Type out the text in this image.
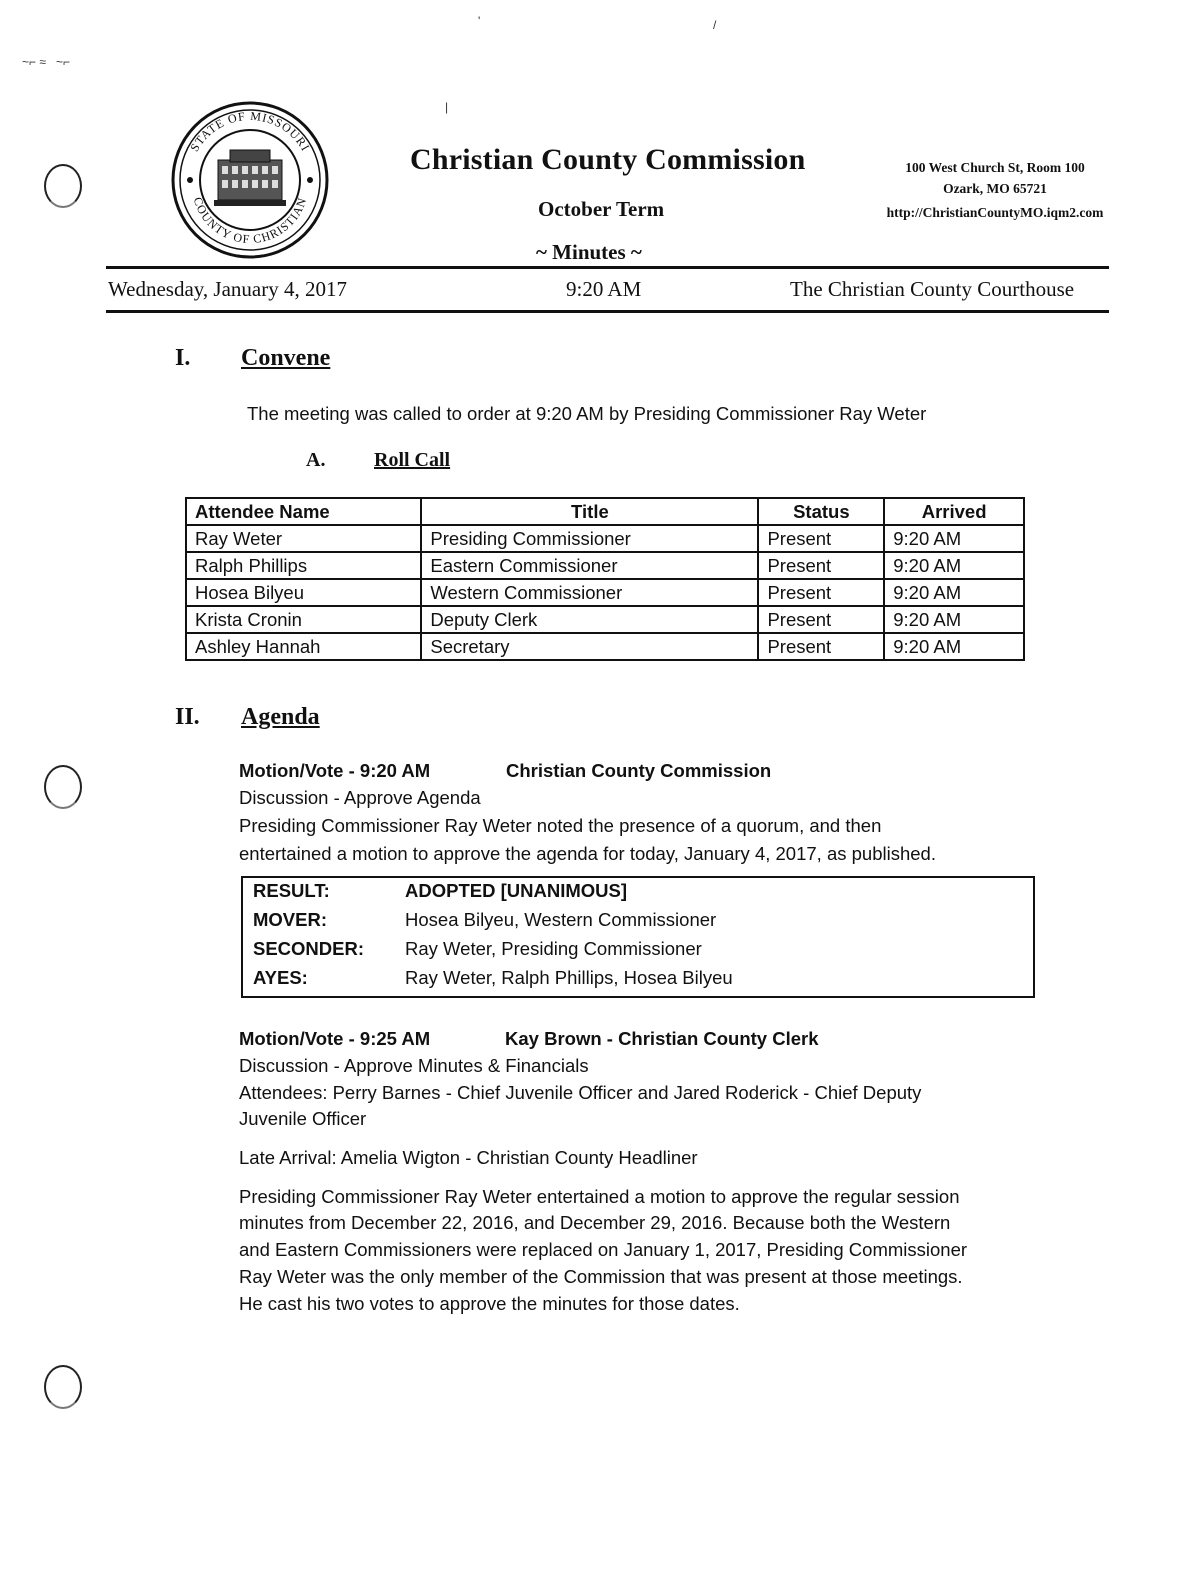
~⌐ ≈   ~⌐
'	/
|
STATE OF MISSOURI
COUNTY OF CHRISTIAN
Christian County Commission
October Term
~ Minutes ~
100 West Church St, Room 100
Ozark, MO 65721
http://ChristianCountyMO.iqm2.com
Wednesday, January 4, 2017	9:20 AM	The Christian County Courthouse
I. Convene
The meeting was called to order at 9:20 AM by Presiding Commissioner Ray Weter
A. Roll Call
Attendee Name	Title	Status	Arrived
Ray Weter	Presiding Commissioner	Present	9:20 AM
Ralph Phillips	Eastern Commissioner	Present	9:20 AM
Hosea Bilyeu	Western Commissioner	Present	9:20 AM
Krista Cronin	Deputy Clerk	Present	9:20 AM
Ashley Hannah	Secretary	Present	9:20 AM
II. Agenda
Motion/Vote - 9:20 AM	Christian County Commission
Discussion - Approve Agenda
Presiding Commissioner Ray Weter noted the presence of a quorum, and then
entertained a motion to approve the agenda for today, January 4, 2017, as published.
RESULT:	ADOPTED [UNANIMOUS]
MOVER:	Hosea Bilyeu, Western Commissioner
SECONDER: Ray Weter, Presiding Commissioner
AYES:	Ray Weter, Ralph Phillips, Hosea Bilyeu
Motion/Vote - 9:25 AM	Kay Brown - Christian County Clerk
Discussion - Approve Minutes & Financials
Attendees: Perry Barnes - Chief Juvenile Officer and Jared Roderick - Chief Deputy
Juvenile Officer
Late Arrival: Amelia Wigton - Christian County Headliner
Presiding Commissioner Ray Weter entertained a motion to approve the regular session
minutes from December 22, 2016, and December 29, 2016. Because both the Western
and Eastern Commissioners were replaced on January 1, 2017, Presiding Commissioner
Ray Weter was the only member of the Commission that was present at those meetings.
He cast his two votes to approve the minutes for those dates.
